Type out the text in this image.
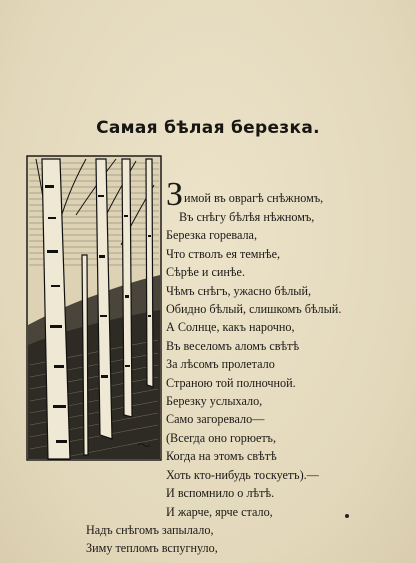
Самая бѣлая березка.
Зимой въ оврагѣ снѣжномъ,
Въ снѣгу бѣлѣя нѣжномъ,
Березка горевала,
Что стволъ ея темнѣе,
Сѣрѣе и синѣе.
Чѣмъ снѣгъ, ужасно бѣлый,
Обидно бѣлый, слишкомъ бѣлый.
А Солнце, какъ нарочно,
Въ веселомъ аломъ свѣтѣ
За лѣсомъ пролетало
Страною той полночной.
Березку услыхало,
Само загоревало—
(Всегда оно горюетъ,
Когда на этомъ свѣтѣ
Хоть кто-нибудь тоскуетъ).—
И вспомнило о лѣтѣ.
И жарче, ярче стало,
Надъ снѣгомъ запылало,
Зиму тепломъ вспугнуло,
